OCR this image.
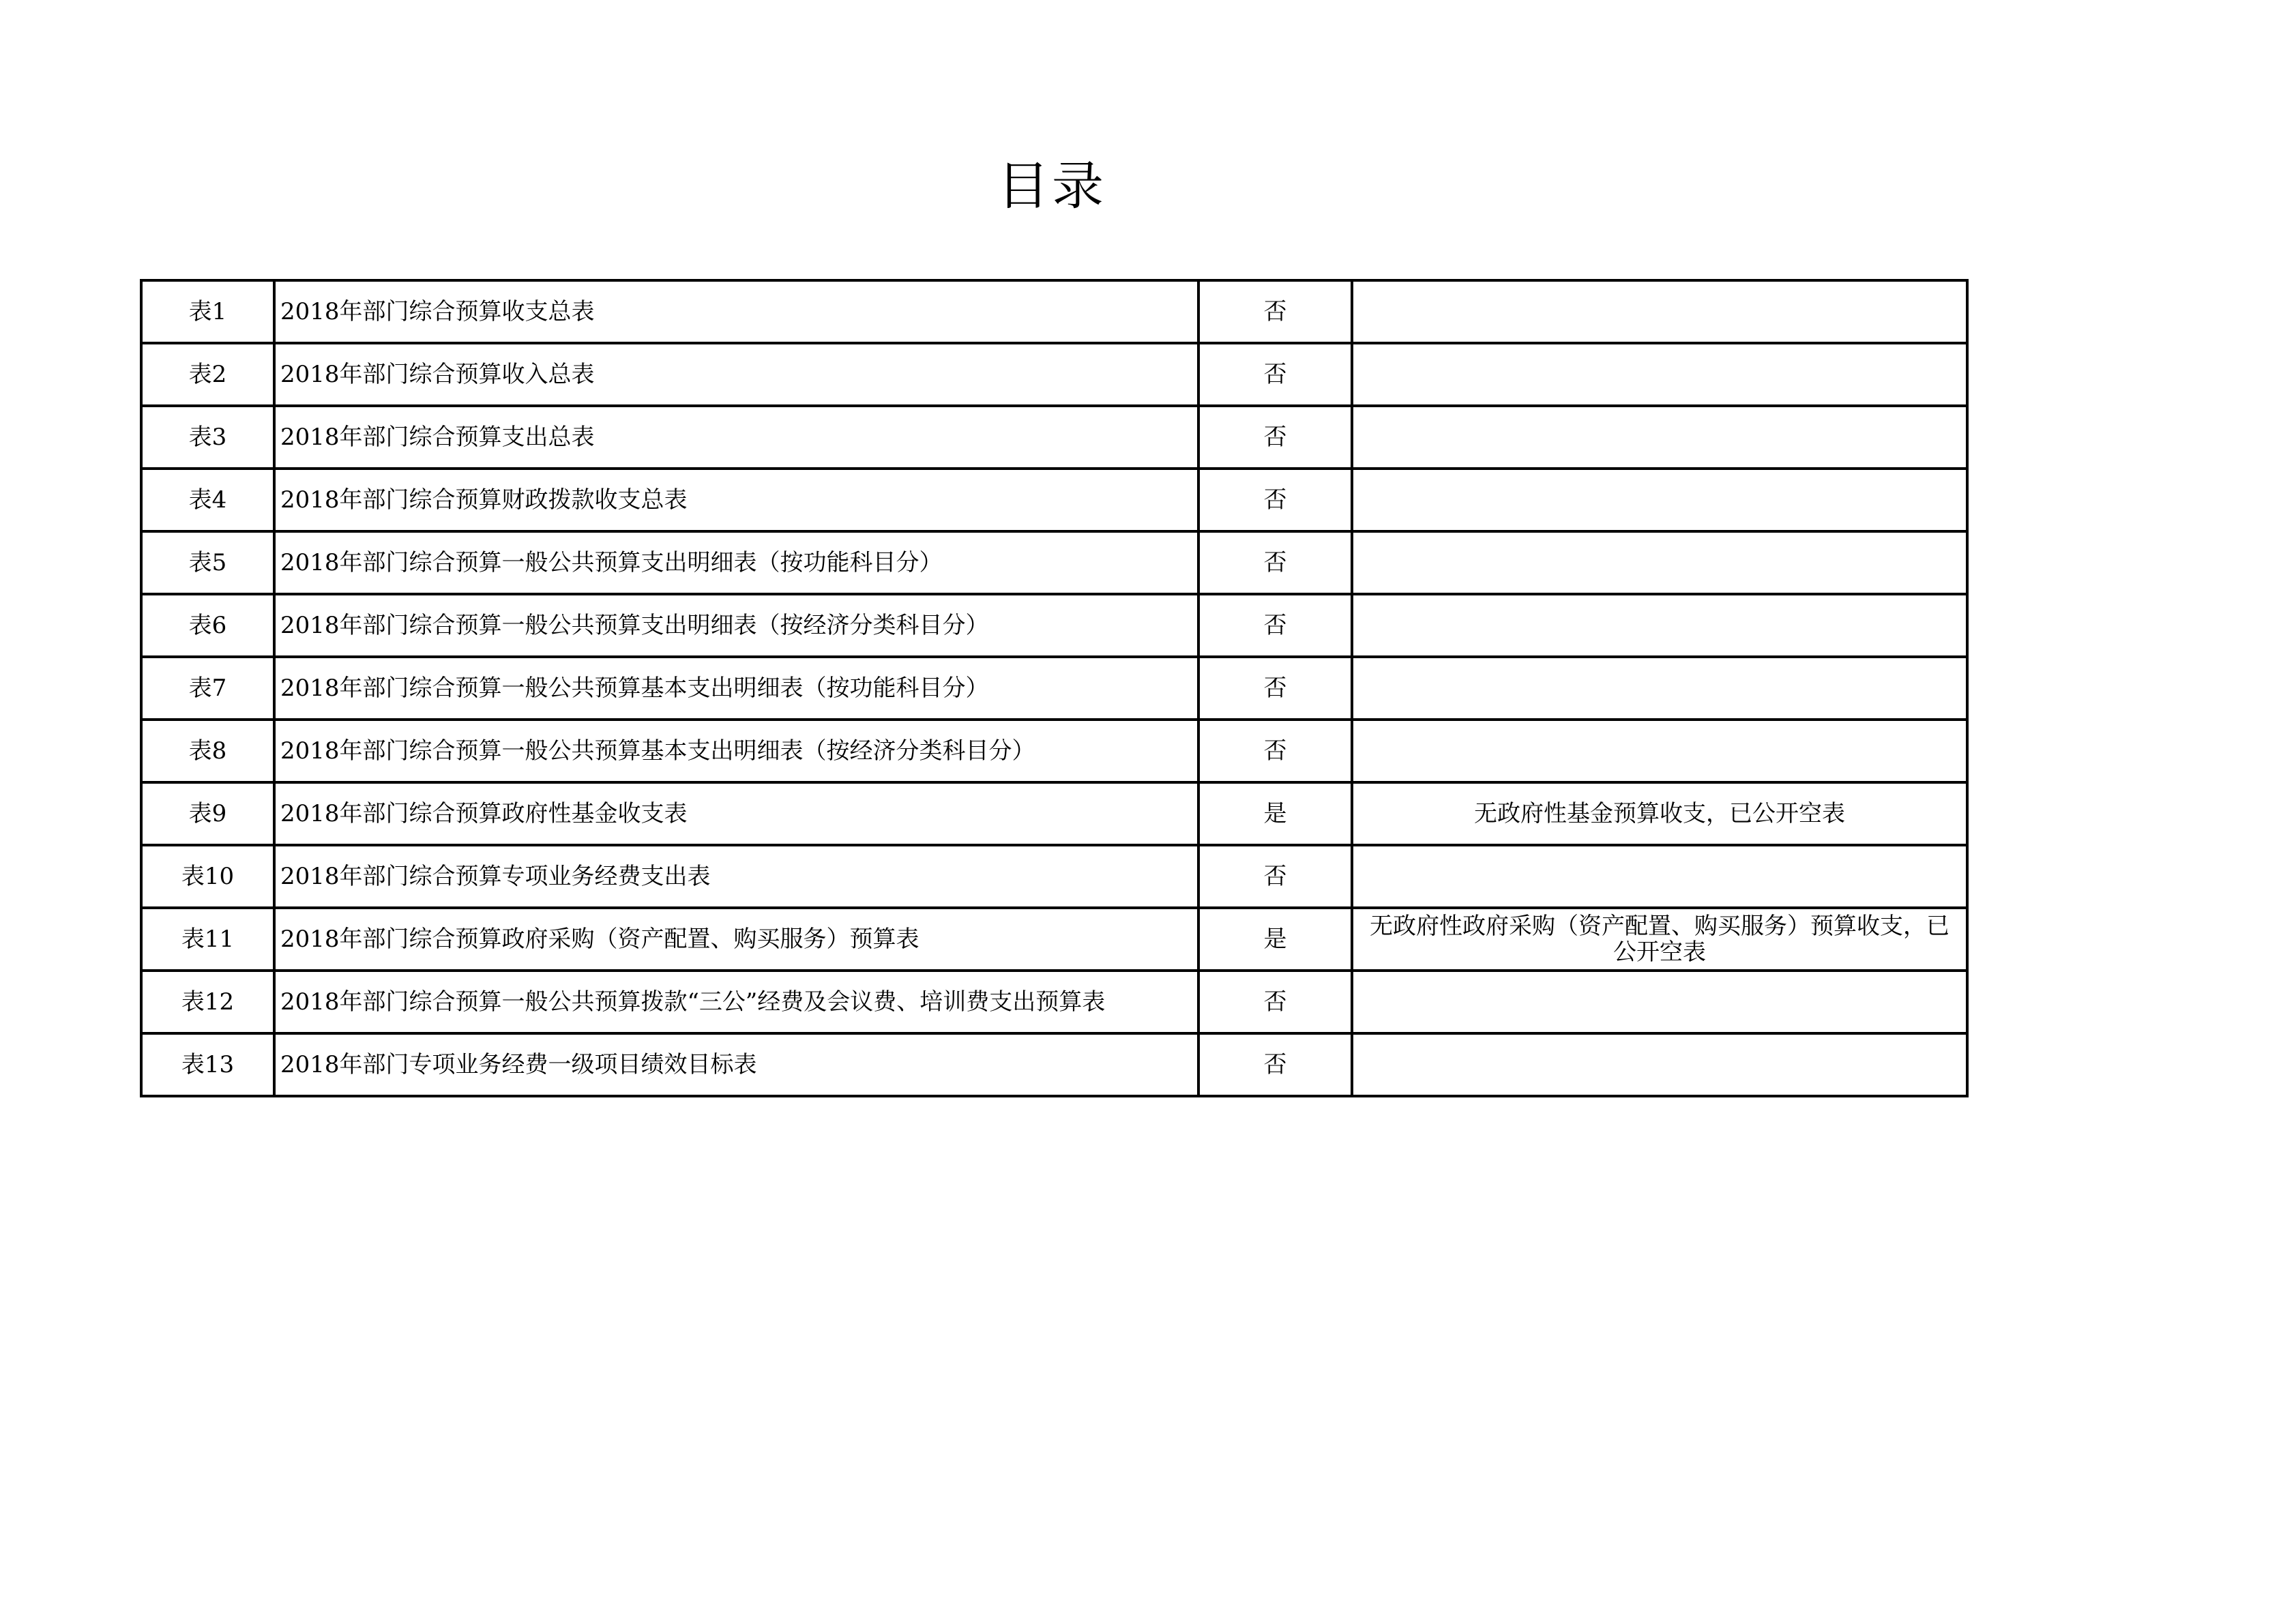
目录
表1	2018年部门综合预算收支总表	否	
表2	2018年部门综合预算收入总表	否	
表3	2018年部门综合预算支出总表	否	
表4	2018年部门综合预算财政拨款收支总表	否	
表5	2018年部门综合预算一般公共预算支出明细表（按功能科目分）	否	
表6	2018年部门综合预算一般公共预算支出明细表（按经济分类科目分）	否	
表7	2018年部门综合预算一般公共预算基本支出明细表（按功能科目分）	否	
表8	2018年部门综合预算一般公共预算基本支出明细表（按经济分类科目分）	否	
表9	2018年部门综合预算政府性基金收支表	是	无政府性基金预算收支，已公开空表
表10	2018年部门综合预算专项业务经费支出表	否	
表11	2018年部门综合预算政府采购（资产配置、购买服务）预算表	是	无政府性政府采购（资产配置、购买服务）预算收支，已公开空表
表12	2018年部门综合预算一般公共预算拨款“三公”经费及会议费、培训费支出预算表	否	
表13	2018年部门专项业务经费一级项目绩效目标表	否	
